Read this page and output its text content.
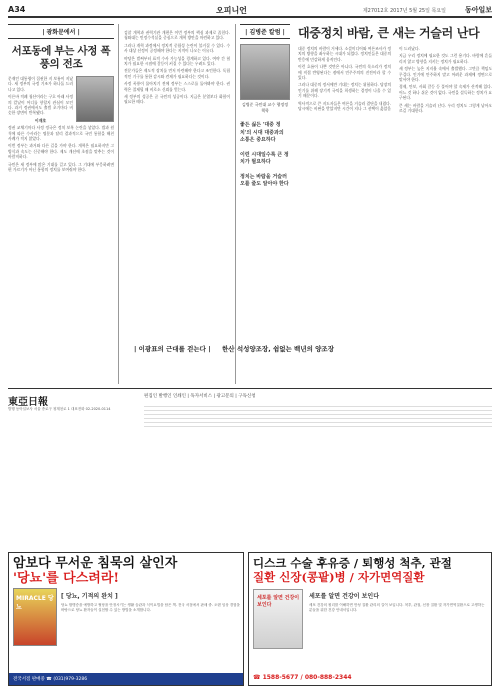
A34	오피니언	제27012호 2017년 5월 25일 목요일	동아일보
| 광화문에서 |
서포동에 부는 사정 폭풍의 전조

문재인 대통령이 집권한 지 보름이 지났다. 새 정부의 국정 기조가 하나둘 드러나고 있다.

이른바 적폐 청산이라는 구호 아래 사정의 칼날이 어디를 향할지 관심이 모인다. 과거 정권에서도 출범 초기마다 비슷한 장면이 반복됐다.

이재호

정권 교체기마다 사정 정국은 정치 보복 논란을 낳았다. 법과 원칙에 따른 수사라는 명분과 달리 결과적으로 국민 통합을 해친 사례가 적지 않았다.

이번 정부는 과거와 다른 길을 가야 한다. 개혁은 필요하지만 그 방식과 속도는 신중해야 한다. 제도 개선에 초점을 맞추는 것이 바람직하다.

국민은 새 정부에 많은 기대를 걸고 있다. 그 기대에 부응하려면 편 가르기가 아닌 통합의 정치를 보여줘야 한다.

검찰 개혁과 권력기관 개편은 이번 정부의 핵심 과제로 꼽힌다. 청와대는 민정수석실을 중심으로 개혁 방안을 마련하고 있다.

그러나 개혁 과정에서 정치적 중립성 논란이 불거질 수 있다. 수사 대상 선정이 공정해야 한다는 지적이 나오는 이유다.

야당은 벌써부터 표적 수사 가능성을 경계하고 있다. 여야 간 협치가 필요한 시점에 갈등이 커질 수 있다는 우려도 있다.

전문가들은 제도적 장치를 먼저 마련해야 한다고 조언한다. 독립적인 기구를 통한 감시와 견제가 필요하다는 것이다.

사정 폭풍이 몰아치기 전에 정부는 스스로를 돌아봐야 한다. 권력은 절제될 때 비로소 신뢰를 얻는다.

새 정부의 성공은 곧 국민의 성공이다. 지금은 분열보다 화합이 필요한 때다.

| 김병준 칼럼 |	대중정치 바람, 큰 새는 거슬러 난다
김병준 국민대 교수 행정정책학

좋든 싫든 '대중 정치'의 시대 대중과의 소통은 중요하다

이런 시대일수록 큰 정치가 필요하다

정치는 바람을 거슬러 오를 줄도 알아야 한다

대중 정치의 바람이 거세다. 소셜미디어와 여론조사가 정치의 방향을 좌우하는 시대가 되었다. 정치인들은 대중의 반응에 민감하게 움직인다.

이런 흐름이 나쁜 것만은 아니다. 국민의 목소리가 정치에 직접 반영된다는 점에서 민주주의의 진전이라 할 수 있다.

그러나 대중의 정서에만 기대는 정치는 위험하다. 당장의 인기를 위해 장기적 국익을 희생하는 결정이 나올 수 있기 때문이다.

역사적으로 큰 지도자들은 여론을 거슬러 결단을 내렸다. 당시에는 비판을 받았지만 시간이 지나 그 선택이 옳았음이 드러났다.

지금 우리 정치에 필요한 것도 그런 용기다. 바람에 흔들리지 않고 방향을 지키는 정치가 필요하다.

새 정부는 높은 지지율 속에서 출발했다. 그만큼 책임도 무겁다. 인기에 안주하지 말고 어려운 과제에 정면으로 맞서야 한다.

경제, 안보, 사회 갈등 등 풀어야 할 숙제가 산적해 있다. 어느 것 하나 쉬운 것이 없다. 국민을 설득하는 정치가 요구된다.

큰 새는 바람을 거슬러 난다. 우리 정치도 그렇게 날아오르길 기대한다.

| 이광표의 근대를 걷는다 | 한산 석성양조장, 쉼없는 백년의 양조장
東亞日報
발행 동아일보사 서울 종로구 청계천로 1 대표전화 02-2020-0114
편집인 발행인 인쇄인 | 독자서비스 | 광고문의 | 구독신청
암보다 무서운 침묵의 살인자
'당뇨'를 다스려라!
MIRACLE 당뇨
[ 당뇨, 기적의 완치 ]
당뇨 합병증을 예방하고 혈당을 안정시키는 생활 습관과 식이요법을 담은 책. 전국 서점에서 판매 중. 오랜 임상 경험을 바탕으로 당뇨 환자들이 실천할 수 있는 방법을 소개합니다.
전국서점 판매중 ☎ (031)979-3286
디스크 수술 후유증 / 퇴행성 척추, 관절
질환 신장(콩팥)병 / 자가면역질환
세포를 알면 건강이 보인다
세포를 알면 건강이 보인다
세포 건강의 원리를 이해하면 만성 질환 관리의 길이 보입니다. 척추, 관절, 신장 질환 및 자가면역질환으로 고생하는 분들을 위한 건강 안내서입니다.
☎ 1588-5677 / 080-888-2344
